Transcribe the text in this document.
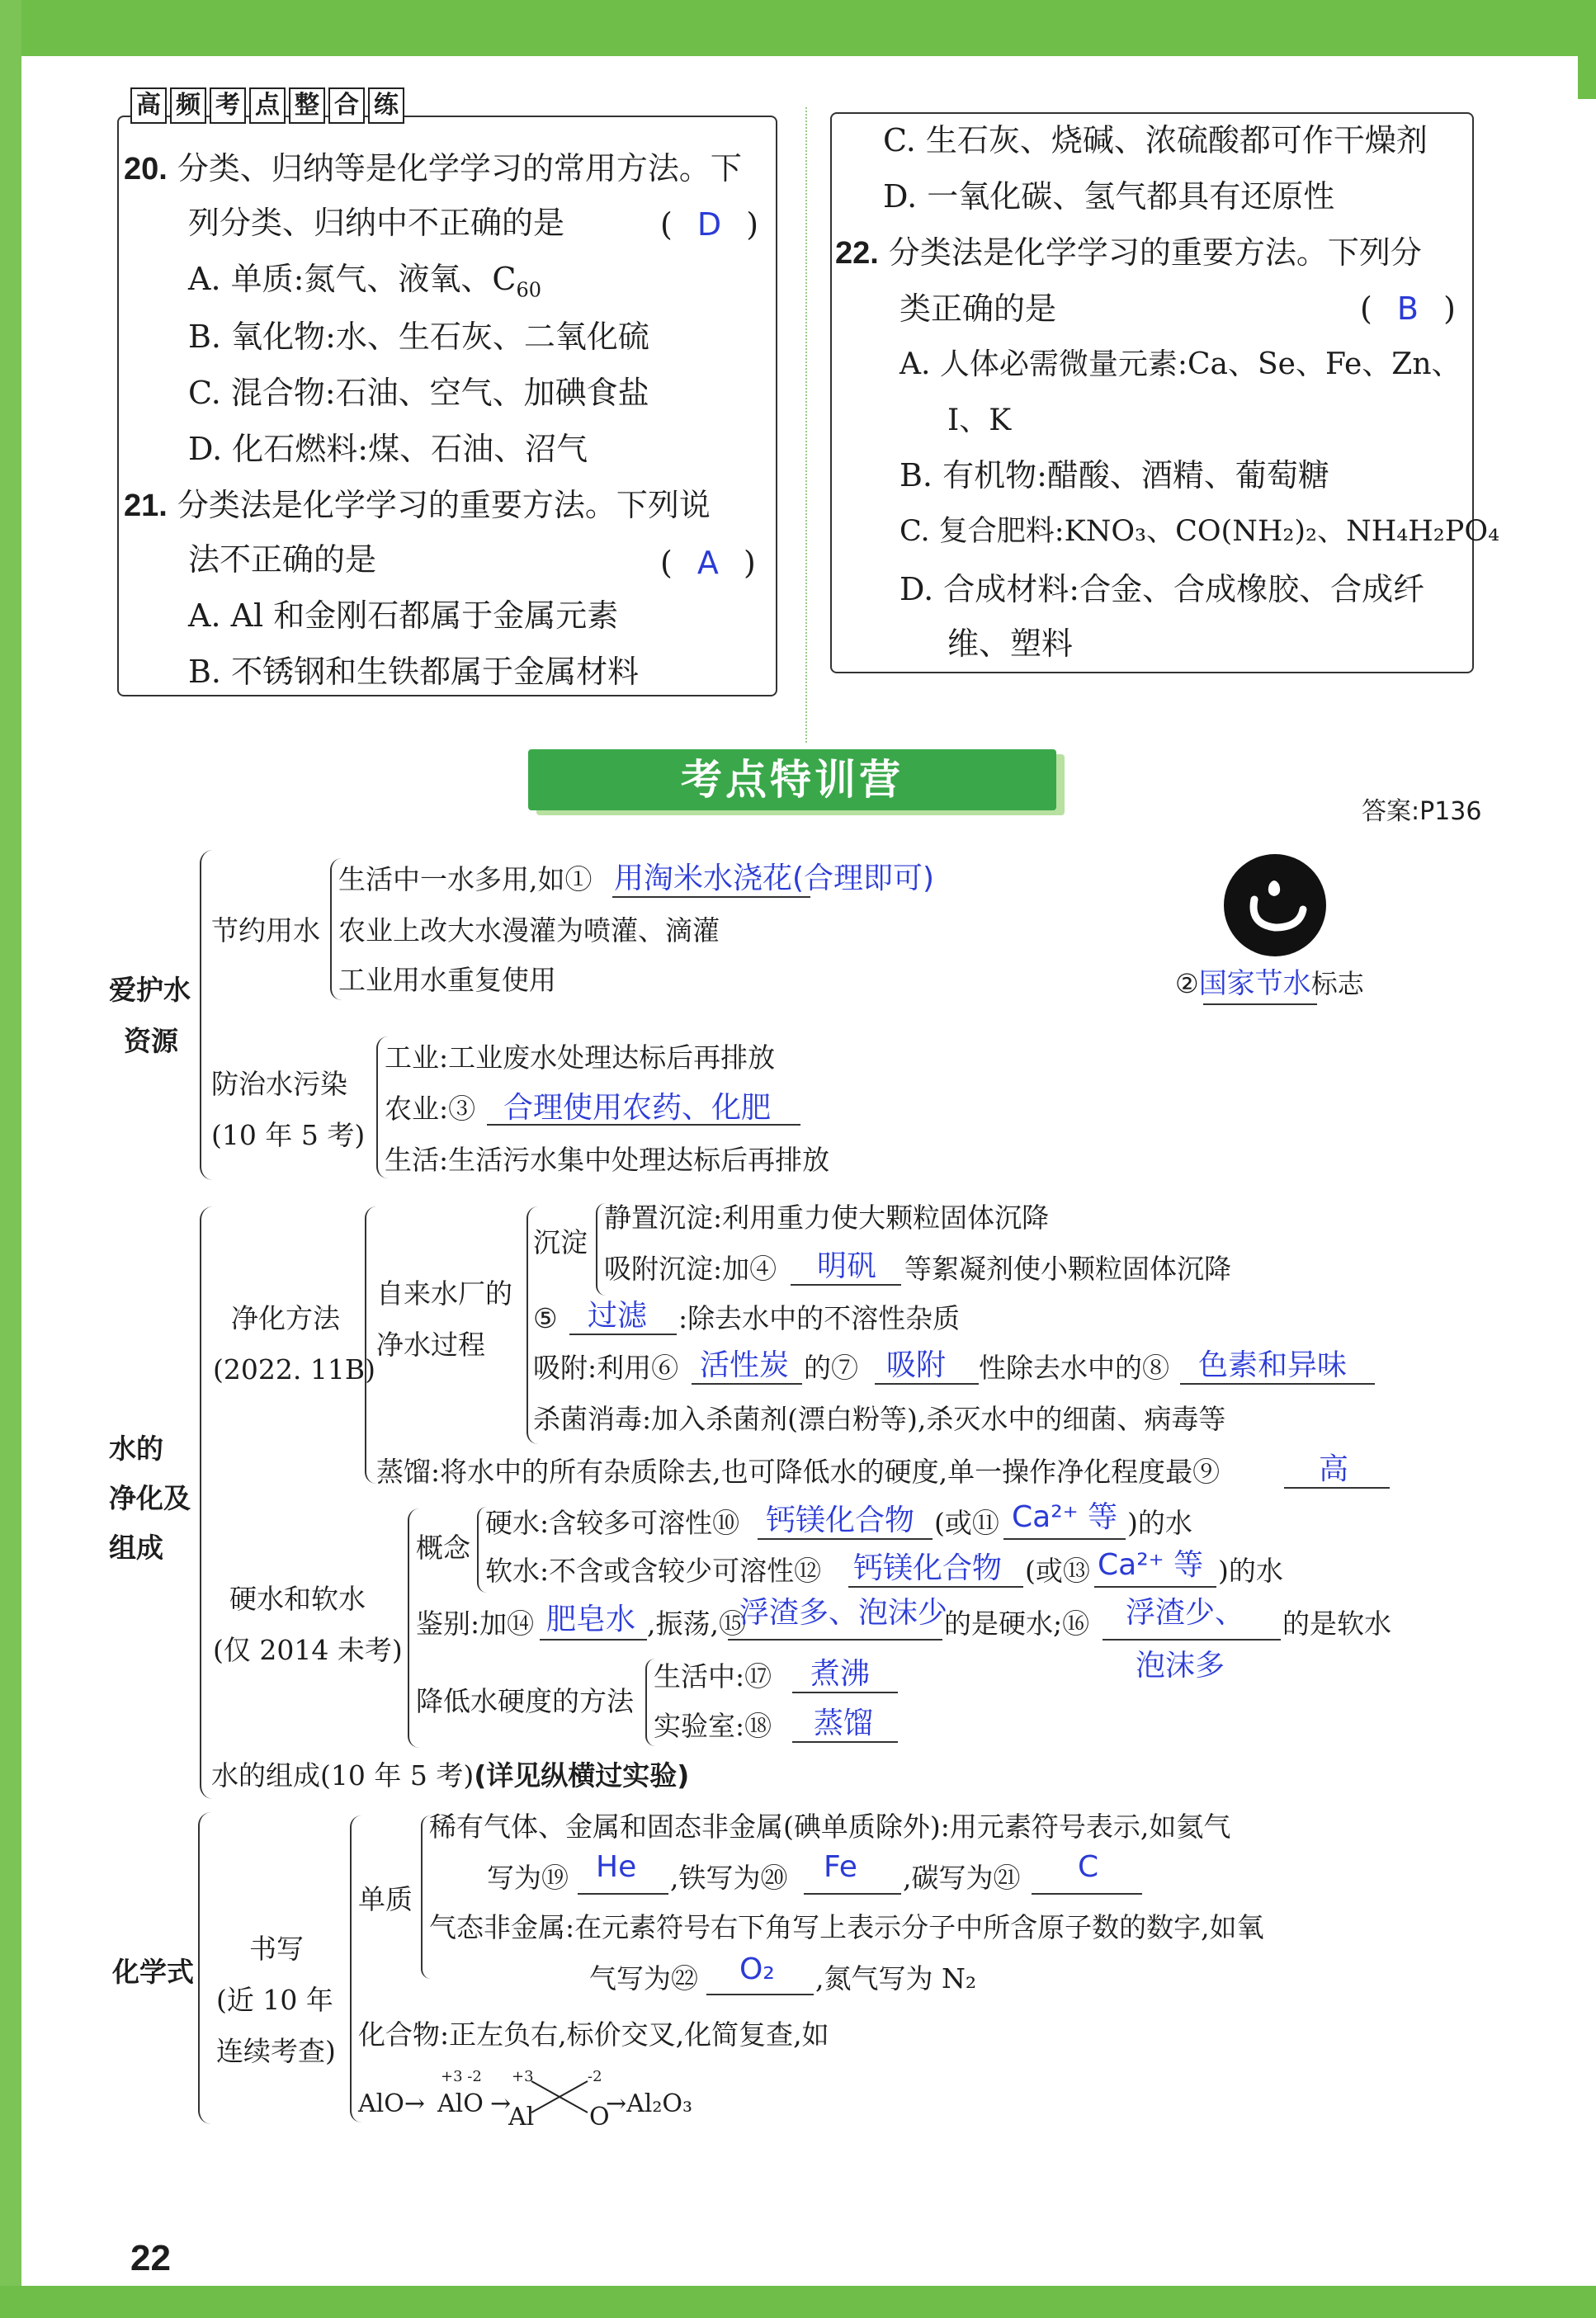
高 频 考 点 整 合 练
20. 分类、归纳等是化学学习的常用方法。下
列分类、归纳中不正确的是	( D )
A. 单质:氮气、液氧、$C_{60}$
B. 氧化物:水、生石灰、二氧化硫
C. 混合物:石油、空气、加碘食盐
D. 化石燃料:煤、石油、沼气
21. 分类法是化学学习的重要方法。下列说
法不正确的是	( A )
A. Al 和金刚石都属于金属元素
B. 不锈钢和生铁都属于金属材料
C. 生石灰、烧碱、浓硫酸都可作干燥剂
D. 一氧化碳、氢气都具有还原性
22. 分类法是化学学习的重要方法。下列分
类正确的是	( B )
A. 人体必需微量元素:Ca、Se、Fe、Zn、
I、K
B. 有机物:醋酸、酒精、葡萄糖
C. 复合肥料:KNO₃、CO(NH₂)₂、NH₄H₂PO₄
D. 合成材料:合金、合成橡胶、合成纤
维、塑料
考点特训营
答案:P136
爱护水
资源
节约用水
生活中一水多用,如① 用淘米水浇花(合理即可)
农业上改大水漫灌为喷灌、滴灌
工业用水重复使用	②国家节水标志
防治水污染
(10 年 5 考)
工业:工业废水处理达标后再排放
农业:③ 合理使用农药、化肥
生活:生活污水集中处理达标后再排放
水的
净化及
组成
净化方法
(2022. 11B)
自来水厂的
净水过程
沉淀
静置沉淀:利用重力使大颗粒固体沉降
吸附沉淀:加④ 明矾 等絮凝剂使小颗粒固体沉降
⑤ 过滤 :除去水中的不溶性杂质
吸附:利用⑥ 活性炭 的⑦ 吸附 性除去水中的⑧ 色素和异味
杀菌消毒:加入杀菌剂(漂白粉等),杀灭水中的细菌、病毒等
蒸馏:将水中的所有杂质除去,也可降低水的硬度,单一操作净化程度最⑨	高
硬水和软水
(仅 2014 未考)
概念
硬水:含较多可溶性⑩ 钙镁化合物 (或⑪ Ca²⁺ 等 )的水
软水:不含或含较少可溶性⑫ 钙镁化合物 (或⑬ Ca²⁺ 等 )的水
鉴别:加⑭ 肥皂水 ,振荡,⑮
浮渣多、泡沫少
的是硬水;⑯ 浮渣少、
泡沫多
的是软水
降低水硬度的方法
生活中:⑰ 煮沸
实验室:⑱ 蒸馏
水的组成(10 年 5 考)(详见纵横过实验)
化学式
书写
(近 10 年
连续考查)
单质
稀有气体、金属和固态非金属(碘单质除外):用元素符号表示,如氦气
写为⑲ He ,铁写为⑳ Fe ,碳写为㉑ C
气态非金属:在元素符号右下角写上表示分子中所含原子数的数字,如氧
气写为㉒ O₂ ,氮气写为 N₂
化合物:正左负右,标价交叉,化简复查,如
AlO→ AlO
+3 -2
→
+3
Al
-2
O
→Al₂O₃
22
